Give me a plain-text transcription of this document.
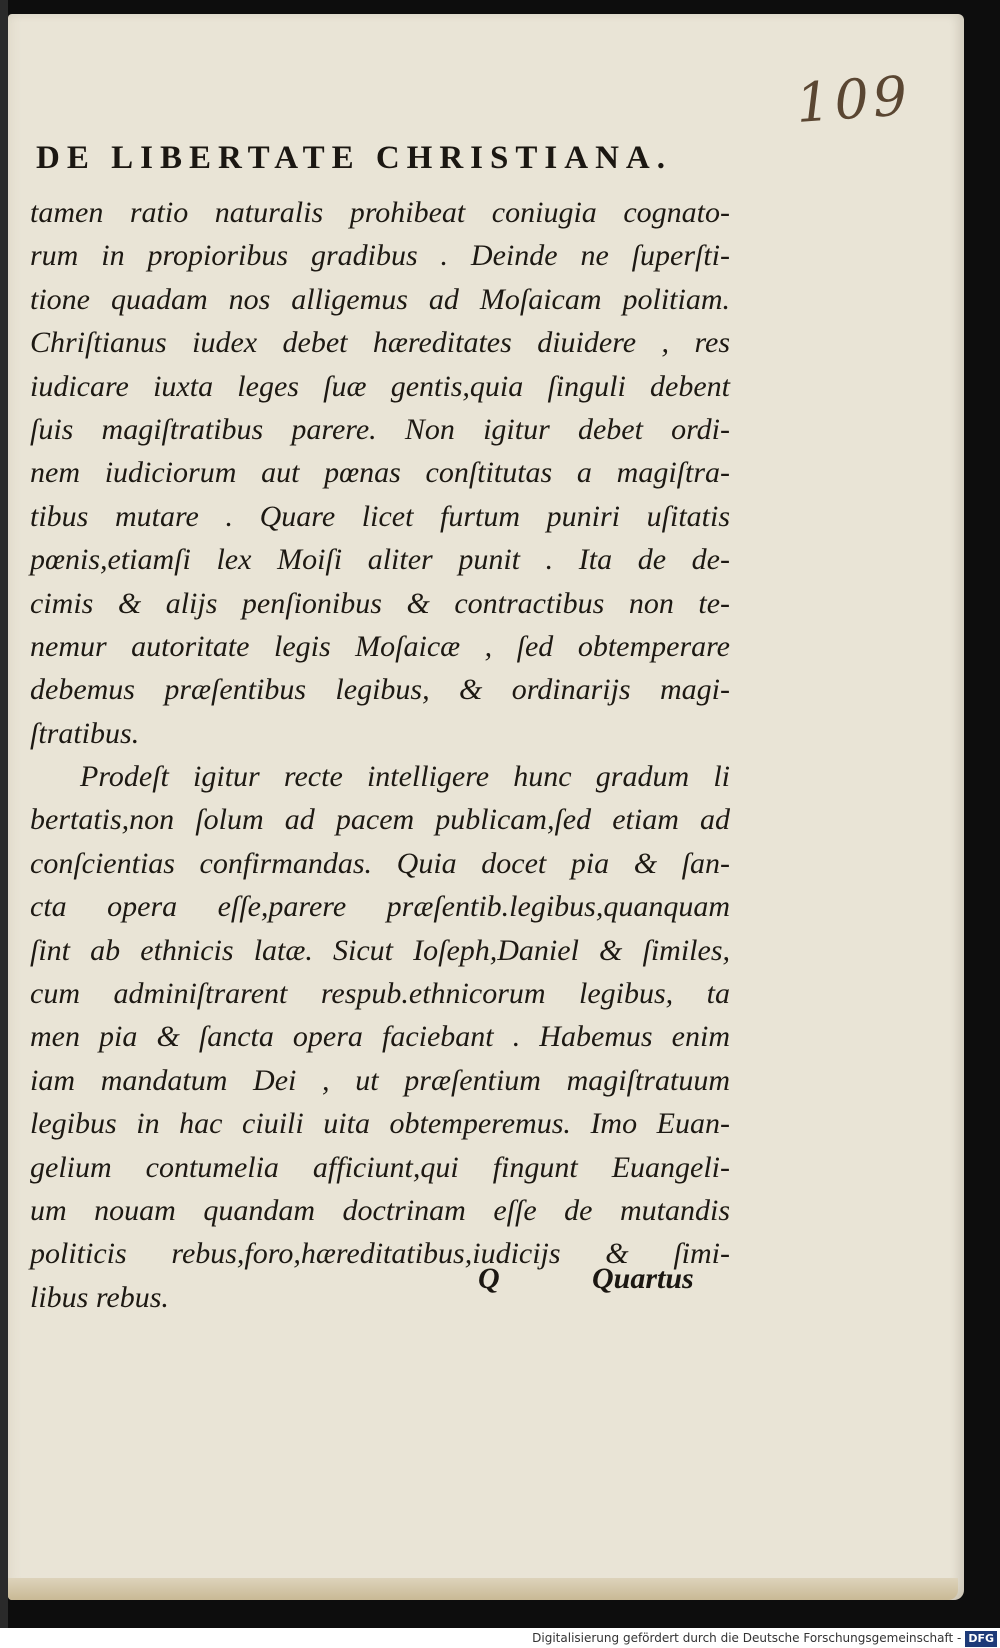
109
DE LIBERTATE CHRISTIANA.
tamen ratio naturalis prohibeat coniugia cognato-
rum in propioribus gradibus . Deinde ne ſuperſti-
tione quadam nos alligemus ad Moſaicam politiam.
Chriſtianus iudex debet hæreditates diuidere , res
iudicare iuxta leges ſuæ gentis,quia ſinguli debent
ſuis magiſtratibus parere. Non igitur debet ordi-
nem iudiciorum aut pœnas conſtitutas a magiſtra-
tibus mutare . Quare licet furtum puniri uſitatis
pœnis,etiamſi lex Moiſi aliter punit . Ita de de-
cimis & alijs penſionibus & contractibus non te-
nemur autoritate legis Moſaicæ , ſed obtemperare
debemus præſentibus legibus, & ordinarijs magi-
ſtratibus.
Prodeſt igitur recte intelligere hunc gradum li
bertatis,non ſolum ad pacem publicam,ſed etiam ad
conſcientias confirmandas. Quia docet pia & ſan-
cta opera eſſe,parere præſentib.legibus,quanquam
ſint ab ethnicis latæ. Sicut Ioſeph,Daniel & ſimiles,
cum adminiſtrarent respub.ethnicorum legibus, ta
men pia & ſancta opera faciebant . Habemus enim
iam mandatum Dei , ut præſentium magiſtratuum
legibus in hac ciuili uita obtemperemus. Imo Euan-
gelium contumelia afficiunt,qui fingunt Euangeli-
um nouam quandam doctrinam eſſe de mutandis
politicis rebus,foro,hæreditatibus,iudicijs & ſimi-
libus rebus.
Q	Quartus
Digitalisierung gefördert durch die Deutsche Forschungsgemeinschaft - DFG
